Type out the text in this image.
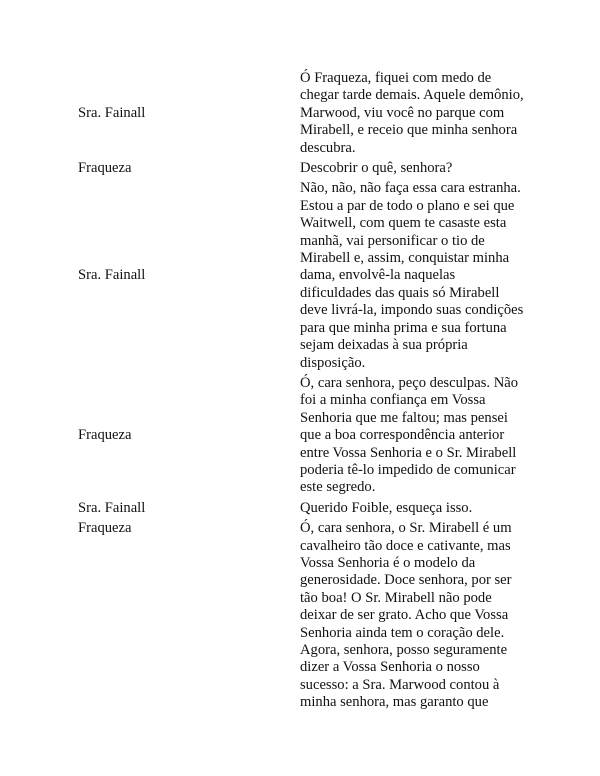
Sra. Fainall	Ó Fraqueza, fiquei com medo de chegar tarde demais. Aquele demônio, Marwood, viu você no parque com Mirabell, e receio que minha senhora descubra.
Fraqueza	Descobrir o quê, senhora?
Sra. Fainall	Não, não, não faça essa cara estranha. Estou a par de todo o plano e sei que Waitwell, com quem te casaste esta manhã, vai personificar o tio de Mirabell e, assim, conquistar minha dama, envolvê-la naquelas dificuldades das quais só Mirabell deve livrá-la, impondo suas condições para que minha prima e sua fortuna sejam deixadas à sua própria disposição.
Fraqueza	Ó, cara senhora, peço desculpas. Não foi a minha confiança em Vossa Senhoria que me faltou; mas pensei que a boa correspondência anterior entre Vossa Senhoria e o Sr. Mirabell poderia tê-lo impedido de comunicar este segredo.
Sra. Fainall	Querido Foible, esqueça isso.
Fraqueza	Ó, cara senhora, o Sr. Mirabell é um cavalheiro tão doce e cativante, mas Vossa Senhoria é o modelo da generosidade. Doce senhora, por ser tão boa! O Sr. Mirabell não pode deixar de ser grato. Acho que Vossa Senhoria ainda tem o coração dele. Agora, senhora, posso seguramente dizer a Vossa Senhoria o nosso sucesso: a Sra. Marwood contou à minha senhora, mas garanto que
